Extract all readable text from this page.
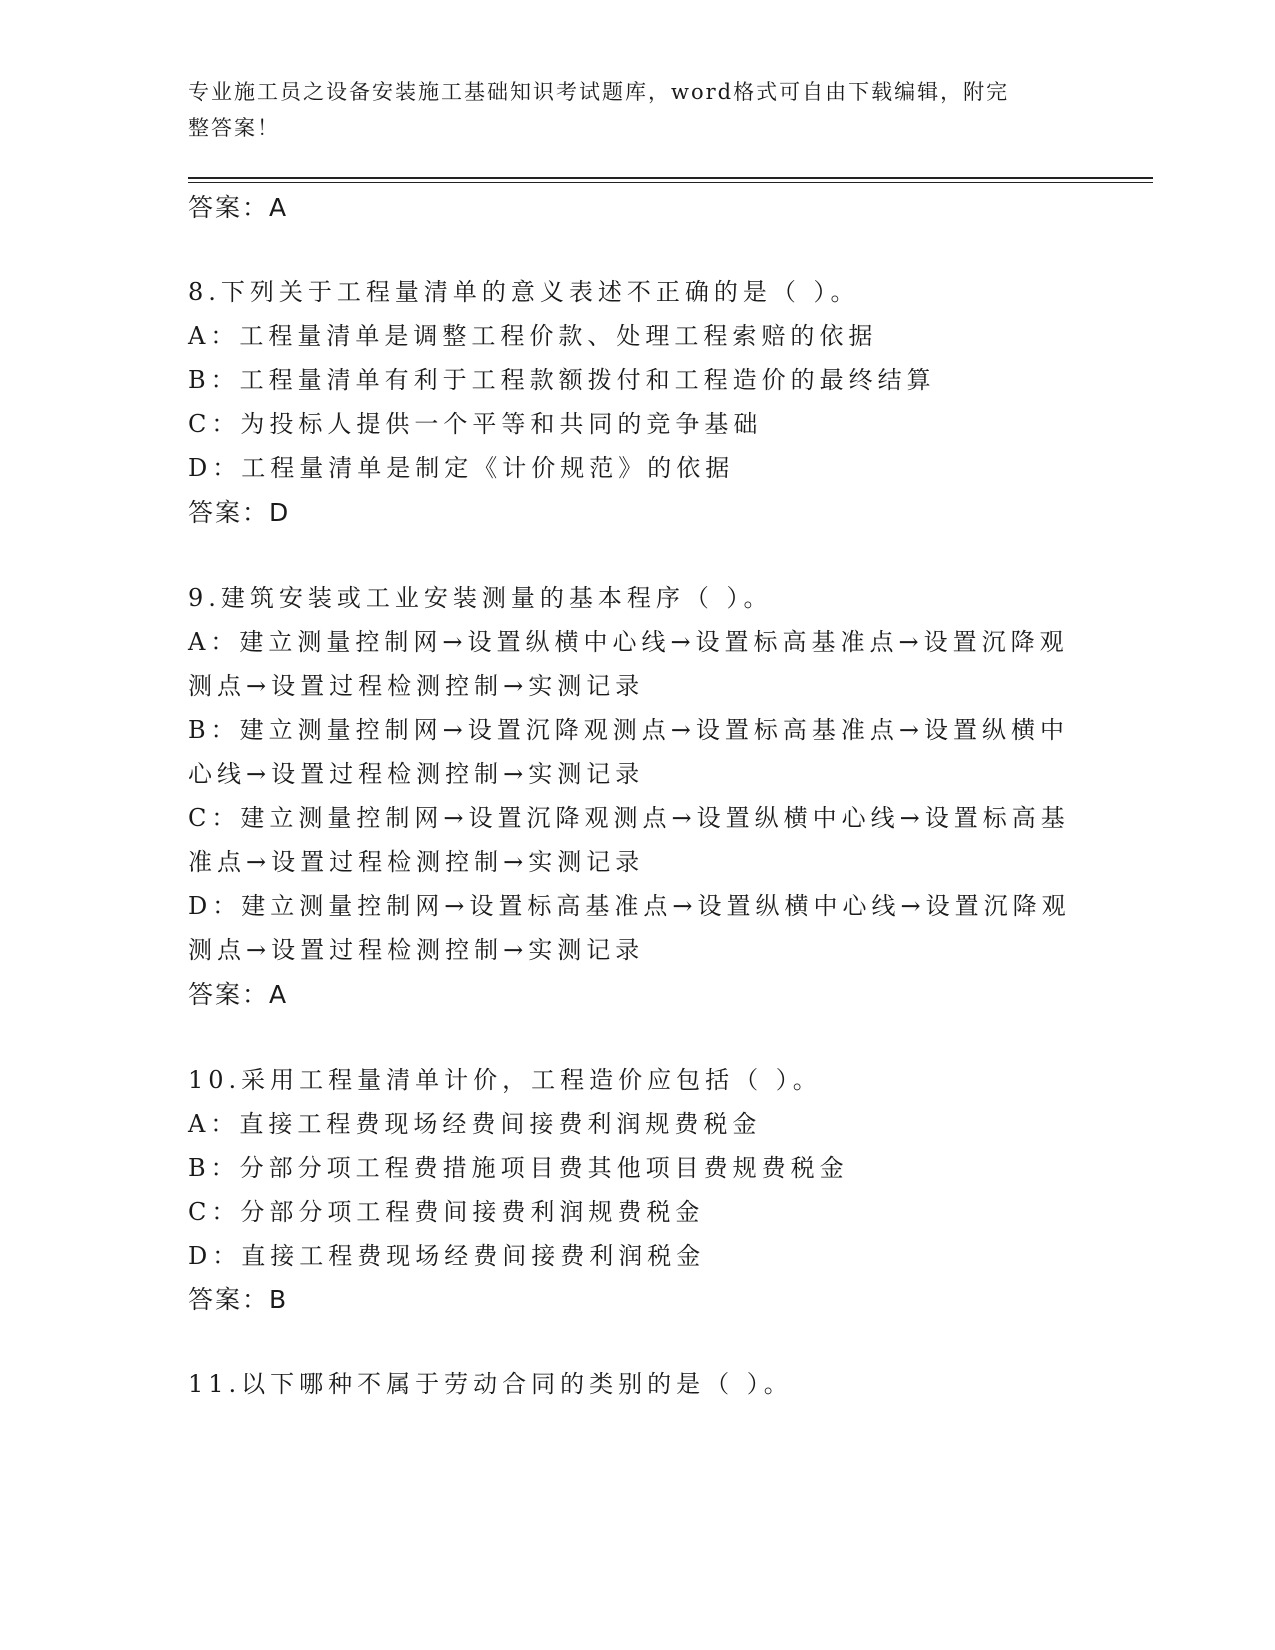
专业施工员之设备安装施工基础知识考试题库，word格式可自由下载编辑，附完
整答案！
答案：A
8.下列关于工程量清单的意义表述不正确的是（ ）。
A：工程量清单是调整工程价款、处理工程索赔的依据
B：工程量清单有利于工程款额拨付和工程造价的最终结算
C：为投标人提供一个平等和共同的竞争基础
D：工程量清单是制定《计价规范》的依据
答案：D
9.建筑安装或工业安装测量的基本程序（ ）。
A：建立测量控制网→设置纵横中心线→设置标高基准点→设置沉降观
测点→设置过程检测控制→实测记录
B：建立测量控制网→设置沉降观测点→设置标高基准点→设置纵横中
心线→设置过程检测控制→实测记录
C：建立测量控制网→设置沉降观测点→设置纵横中心线→设置标高基
准点→设置过程检测控制→实测记录
D：建立测量控制网→设置标高基准点→设置纵横中心线→设置沉降观
测点→设置过程检测控制→实测记录
答案：A
10.采用工程量清单计价，工程造价应包括（ ）。
A：直接工程费现场经费间接费利润规费税金
B：分部分项工程费措施项目费其他项目费规费税金
C：分部分项工程费间接费利润规费税金
D：直接工程费现场经费间接费利润税金
答案：B
11.以下哪种不属于劳动合同的类别的是（ ）。
